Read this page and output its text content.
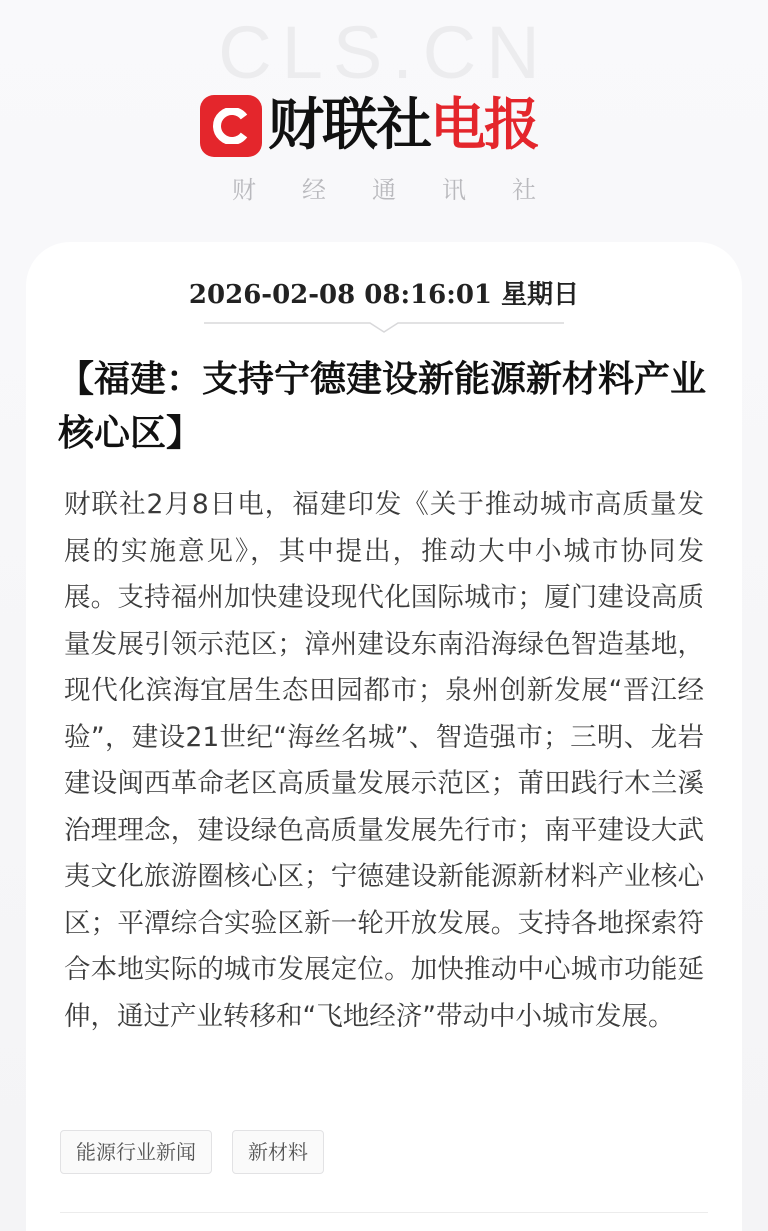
CLS.CN
财联社 电报
财经通讯社
2026-02-08 08:16:01 星期日
【福建：支持宁德建设新能源新材料产业核心区】

财联社2月8日电，福建印发《关于推动城市高质量发展的实施意见》，其中提出，推动大中小城市协同发展。支持福州加快建设现代化国际城市；厦门建设高质量发展引领示范区；漳州建设东南沿海绿色智造基地，现代化滨海宜居生态田园都市；泉州创新发展“晋江经验”，建设21世纪“海丝名城”、智造强市；三明、龙岩建设闽西革命老区高质量发展示范区；莆田践行木兰溪治理理念，建设绿色高质量发展先行市；南平建设大武夷文化旅游圈核心区；宁德建设新能源新材料产业核心区；平潭综合实验区新一轮开放发展。支持各地探索符合本地实际的城市发展定位。加快推动中心城市功能延伸，通过产业转移和“飞地经济”带动中小城市发展。

能源行业新闻	新材料
